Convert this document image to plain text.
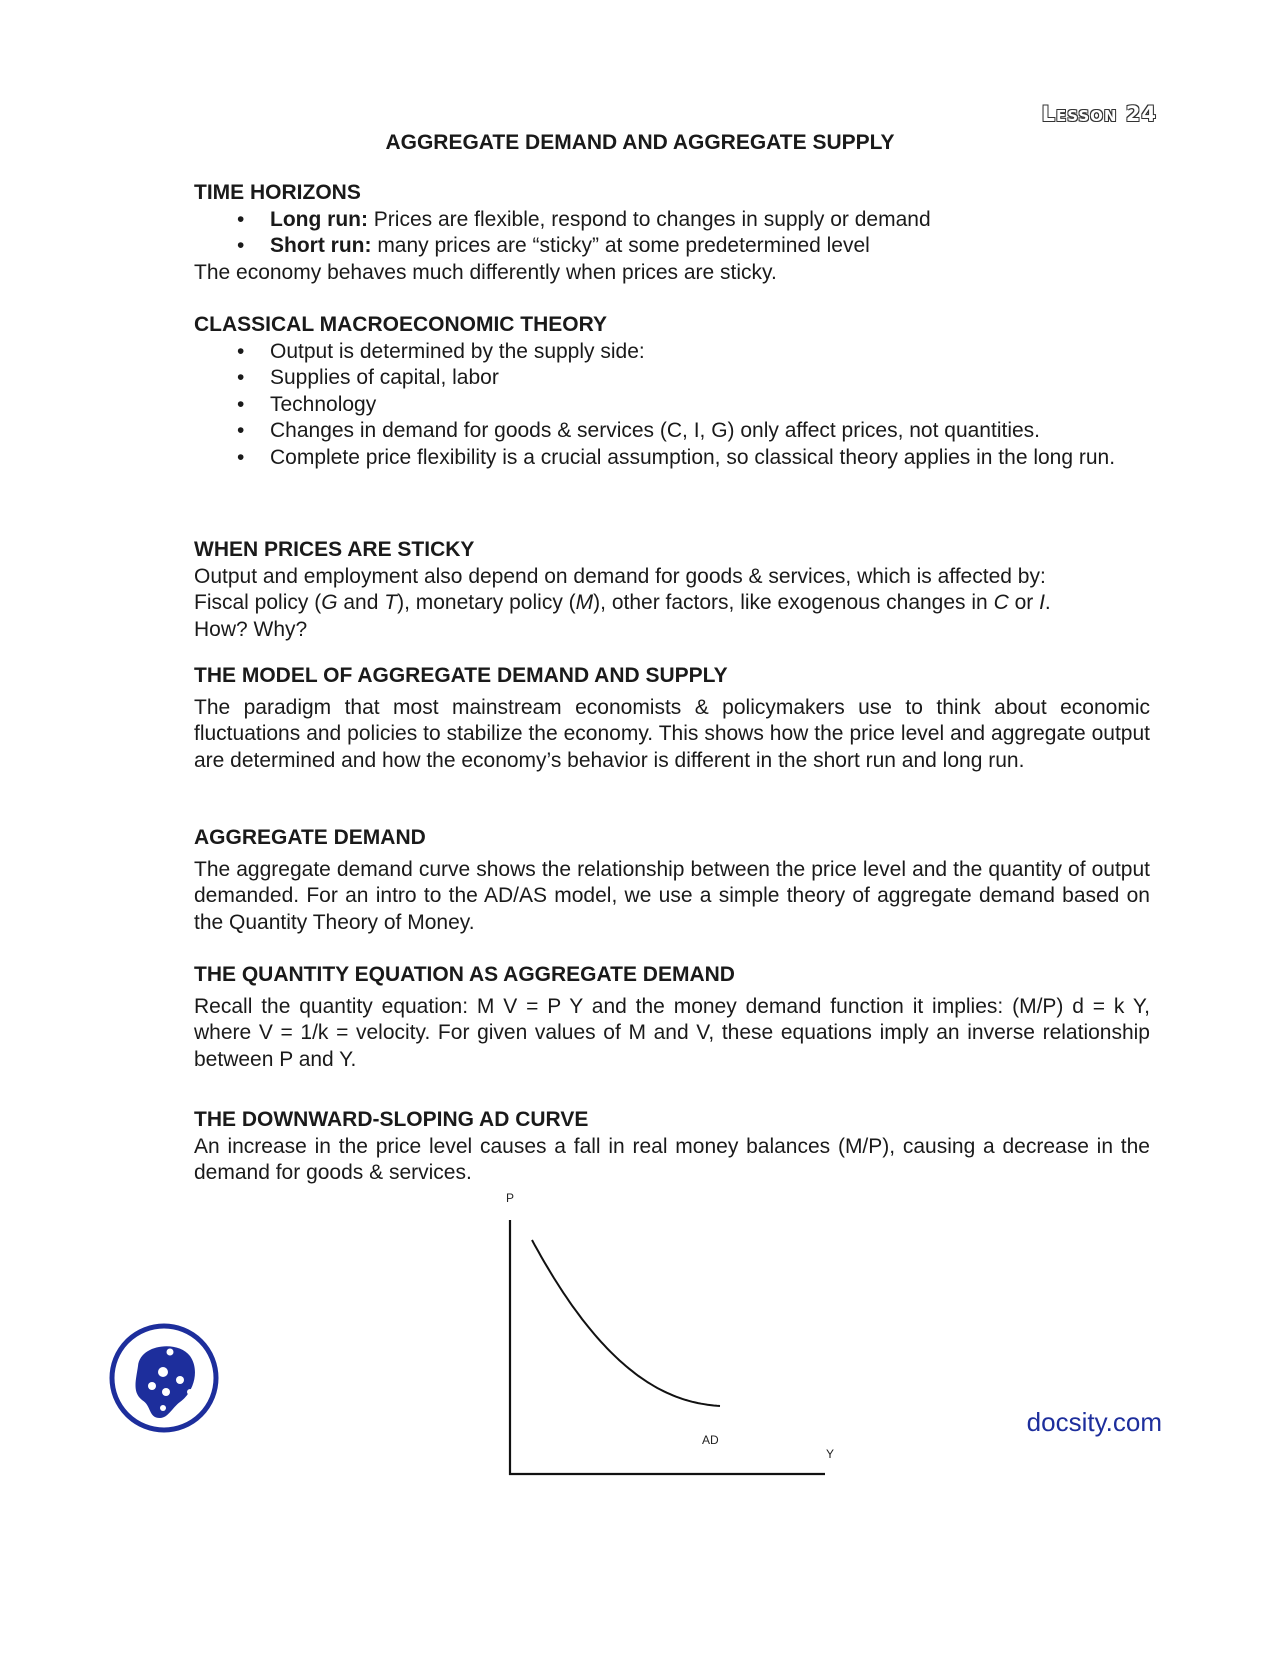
Lesson 24
AGGREGATE DEMAND AND AGGREGATE SUPPLY

TIME HORIZONS

• Long run: Prices are flexible, respond to changes in supply or demand
• Short run: many prices are “sticky” at some predetermined level

The economy behaves much differently when prices are sticky.

CLASSICAL MACROECONOMIC THEORY

• Output is determined by the supply side:
• Supplies of capital, labor
• Technology
• Changes in demand for goods & services (C, I, G) only affect prices, not quantities.
• Complete price flexibility is a crucial assumption, so classical theory applies in the long run.

WHEN PRICES ARE STICKY

Output and employment also depend on demand for goods & services, which is affected by:

Fiscal policy (G and T), monetary policy (M), other factors, like exogenous changes in C or I.

How? Why?

THE MODEL OF AGGREGATE DEMAND AND SUPPLY

The paradigm that most mainstream economists & policymakers use to think about economic fluctuations and policies to stabilize the economy. This shows how the price level and aggregate output are determined and how the economy’s behavior is different in the short run and long run.

AGGREGATE DEMAND

The aggregate demand curve shows the relationship between the price level and the quantity of output demanded. For an intro to the AD/AS model, we use a simple theory of aggregate demand based on the Quantity Theory of Money.

THE QUANTITY EQUATION AS AGGREGATE DEMAND

Recall the quantity equation: M V = P Y and the money demand function it implies: (M/P) d = k Y, where V = 1/k = velocity. For given values of M and V, these equations imply an inverse relationship between P and Y.

THE DOWNWARD-SLOPING AD CURVE

An increase in the price level causes a fall in real money balances (M/P), causing a decrease in the demand for goods & services.

P
AD
Y
docsity.com
